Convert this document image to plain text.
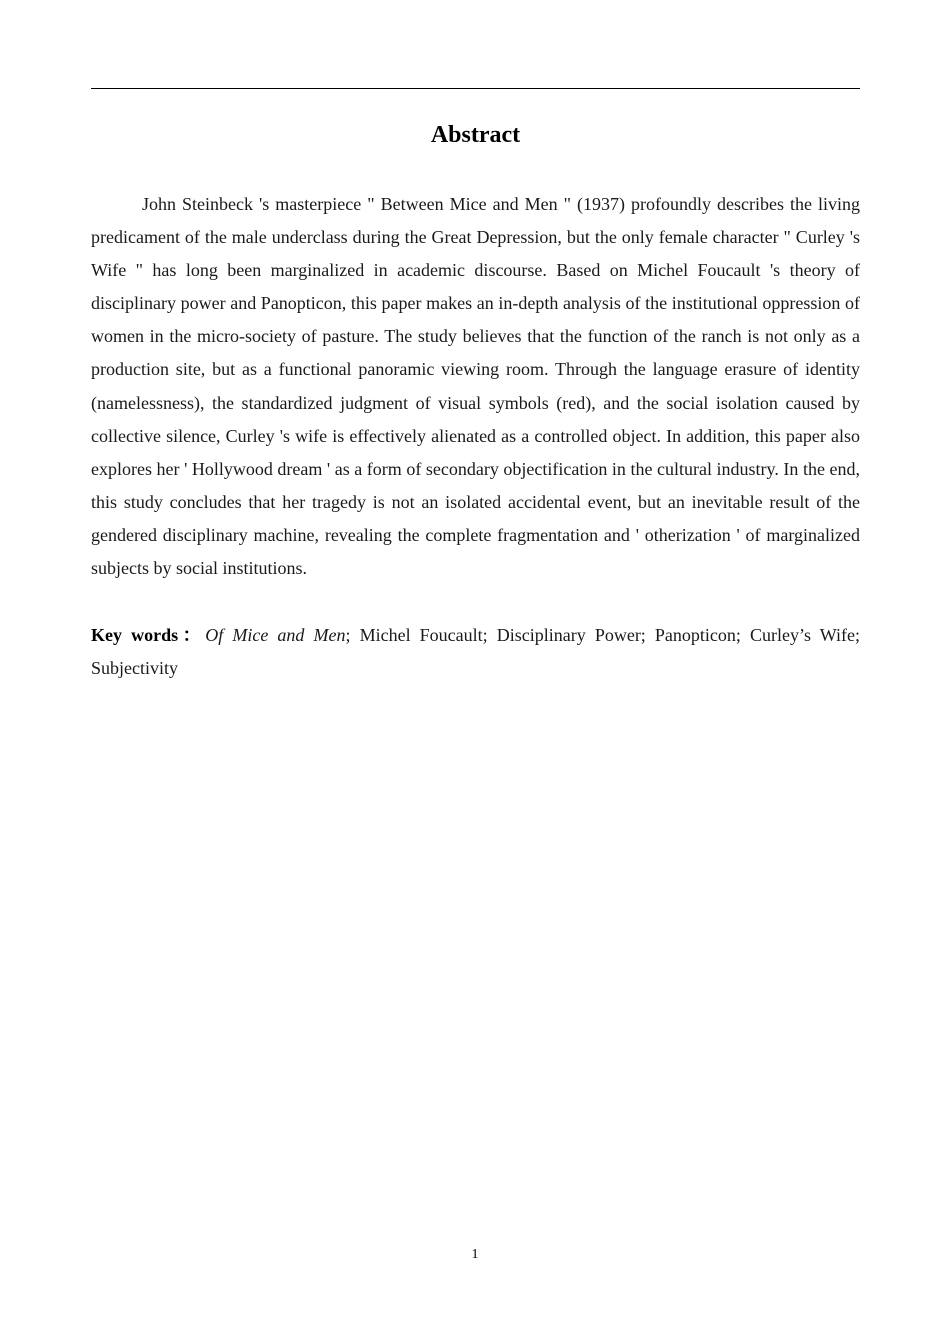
Abstract

John Steinbeck 's masterpiece " Between Mice and Men " (1937) profoundly describes the living predicament of the male underclass during the Great Depression, but the only female character " Curley 's Wife " has long been marginalized in academic discourse. Based on Michel Foucault 's theory of disciplinary power and Panopticon, this paper makes an in-depth analysis of the institutional oppression of women in the micro-society of pasture. The study believes that the function of the ranch is not only as a production site, but as a functional panoramic viewing room. Through the language erasure of identity (namelessness), the standardized judgment of visual symbols (red), and the social isolation caused by collective silence, Curley 's wife is effectively alienated as a controlled object. In addition, this paper also explores her ' Hollywood dream ' as a form of secondary objectification in the cultural industry. In the end, this study concludes that her tragedy is not an isolated accidental event, but an inevitable result of the gendered disciplinary machine, revealing the complete fragmentation and ' otherization ' of marginalized subjects by social institutions.

Key words：Of Mice and Men; Michel Foucault; Disciplinary Power; Panopticon; Curley’s Wife; Subjectivity

1
